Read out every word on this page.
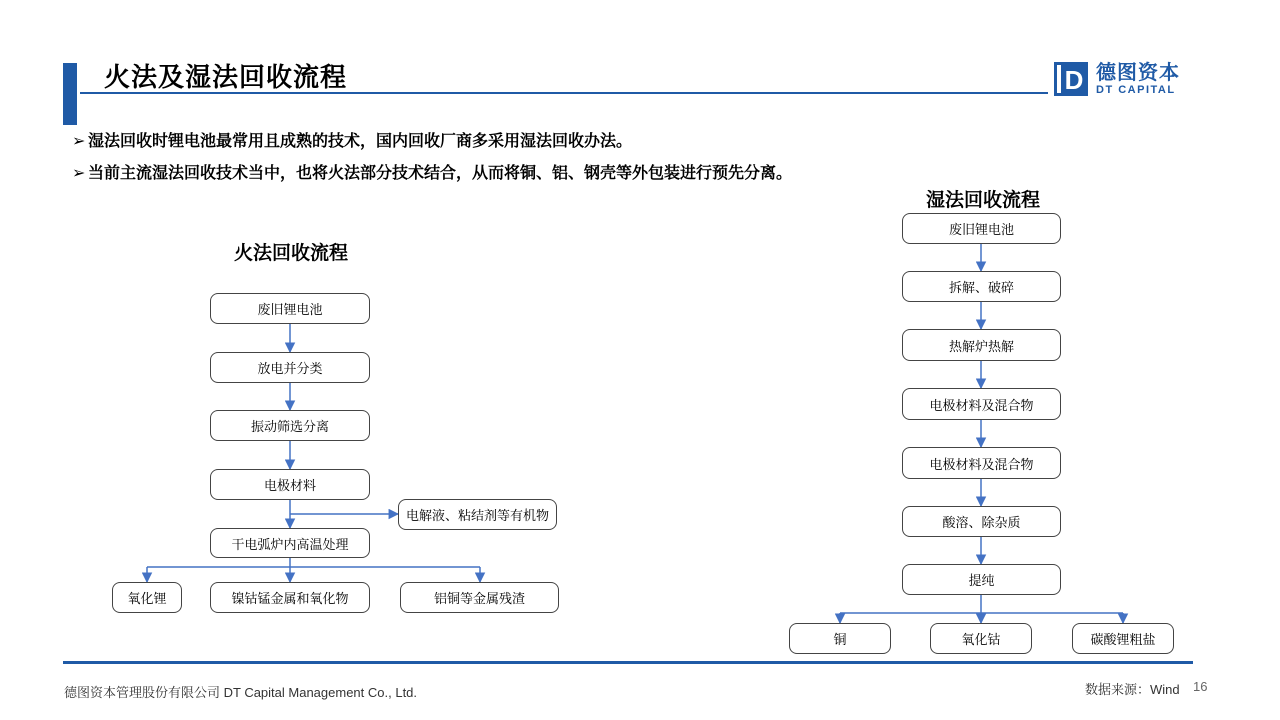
火法及湿法回收流程	D 德图资本
DT CAPITAL
➢ 湿法回收时锂电池最常用且成熟的技术，国内回收厂商多采用湿法回收办法。
➢ 当前主流湿法回收技术当中，也将火法部分技术结合，从而将铜、铝、钢壳等外包装进行预先分离。
火法回收流程
废旧锂电池
放电并分类
振动筛选分离
电极材料
干电弧炉内高温处理
电解液、粘结剂等有机物
氧化锂	镍钴锰金属和氧化物	铝铜等金属残渣
湿法回收流程
废旧锂电池
拆解、破碎
热解炉热解
电极材料及混合物
电极材料及混合物
酸溶、除杂质
提纯
铜	氧化钴	碳酸锂粗盐
德图资本管理股份有限公司 DT Capital Management Co., Ltd.	数据来源：Wind 16
